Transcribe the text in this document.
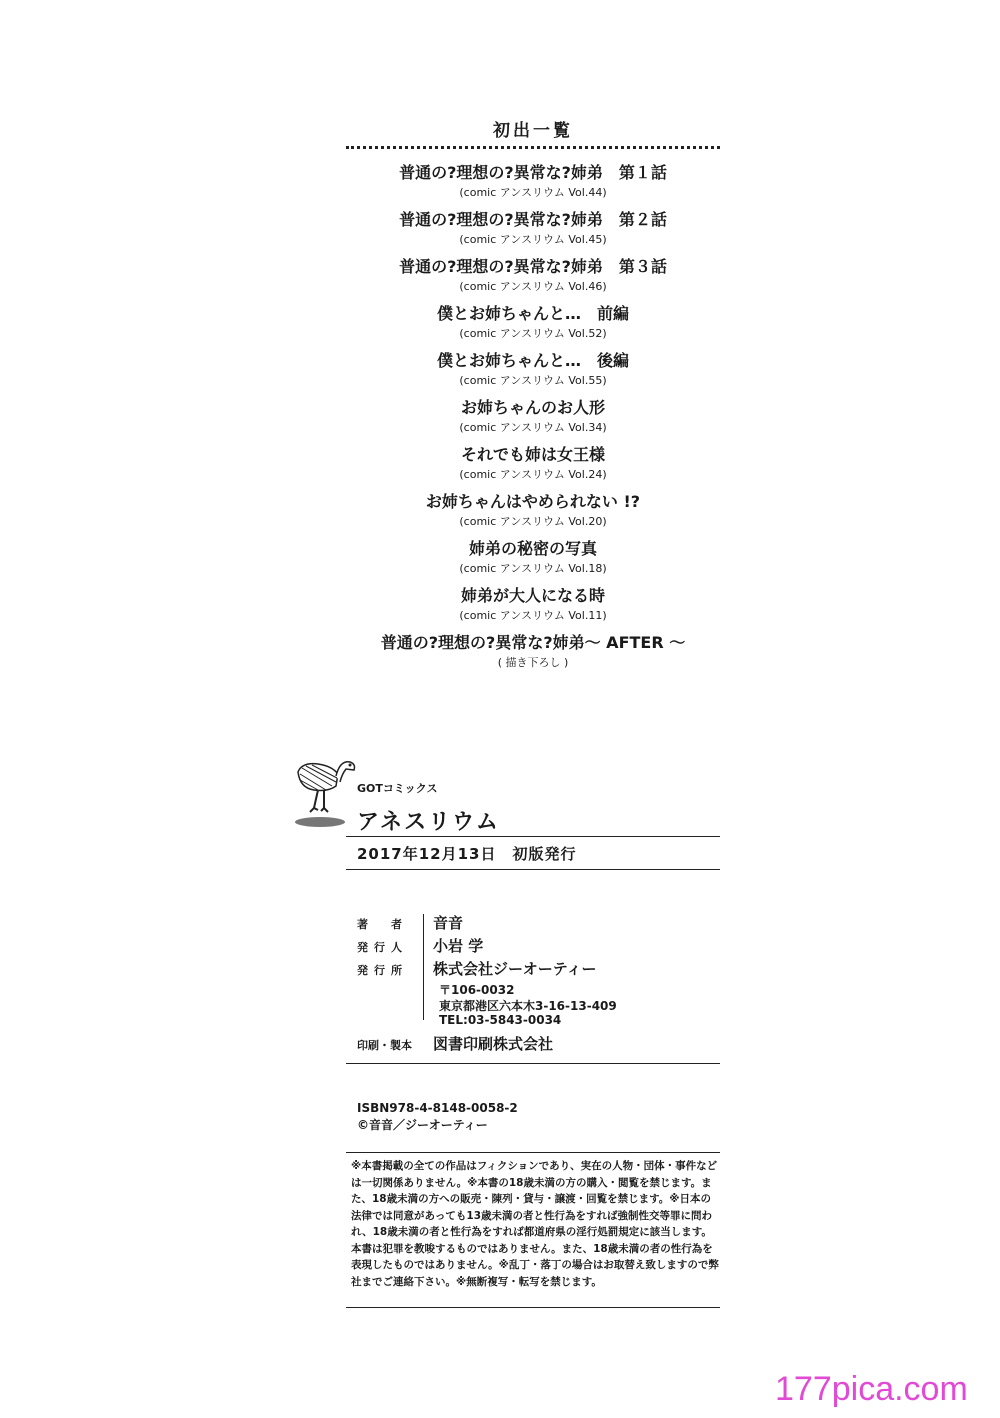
初出一覧
普通の?理想の?異常な?姉弟　第１話
(comic アンスリウム Vol.44)
普通の?理想の?異常な?姉弟　第２話
(comic アンスリウム Vol.45)
普通の?理想の?異常な?姉弟　第３話
(comic アンスリウム Vol.46)
僕とお姉ちゃんと…　前編
(comic アンスリウム Vol.52)
僕とお姉ちゃんと…　後編
(comic アンスリウム Vol.55)
お姉ちゃんのお人形
(comic アンスリウム Vol.34)
それでも姉は女王様
(comic アンスリウム Vol.24)
お姉ちゃんはやめられない !?
(comic アンスリウム Vol.20)
姉弟の秘密の写真
(comic アンスリウム Vol.18)
姉弟が大人になる時
(comic アンスリウム Vol.11)
普通の?理想の?異常な?姉弟～ AFTER ～
( 描き下ろし )
GOTコミックス
アネスリウム
2017年12月13日　初版発行
著　者	音音
発行人	小岩 学
発行所	株式会社ジーオーティー
〒106-0032
東京都港区六本木3-16-13-409
TEL:03-5843-0034
印刷・製本 図書印刷株式会社
ISBN978-4-8148-0058-2
©音音／ジーオーティー
※本書掲載の全ての作品はフィクションであり、実在の人物・団体・事件などは一切関係ありません。※本書の18歳未満の方の購入・閲覧を禁じます。また、18歳未満の方への販売・陳列・貸与・譲渡・回覧を禁じます。※日本の法律では同意があっても13歳未満の者と性行為をすれば強制性交等罪に問われ、18歳未満の者と性行為をすれば都道府県の淫行処罰規定に該当します。本書は犯罪を教唆するものではありません。また、18歳未満の者の性行為を表現したものではありません。※乱丁・落丁の場合はお取替え致しますので弊社までご連絡下さい。※無断複写・転写を禁じます。
177pica.com
